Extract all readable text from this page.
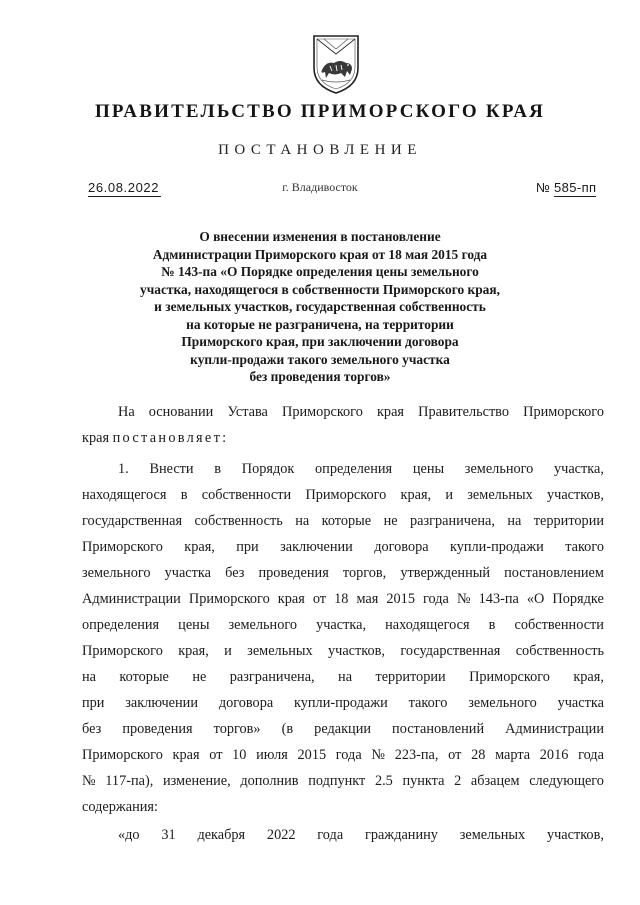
ПРАВИТЕЛЬСТВО ПРИМОРСКОГО КРАЯ
ПОСТАНОВЛЕНИЕ
26.08.2022	г. Владивосток	№ 585-пп
О внесении изменения в постановление
Администрации Приморского края от 18 мая 2015 года
№ 143-па «О Порядке определения цены земельного
участка, находящегося в собственности Приморского края,
и земельных участков, государственная собственность
на которые не разграничена, на территории
Приморского края, при заключении договора
купли-продажи такого земельного участка
без проведения торгов»
На основании Устава Приморского края Правительство Приморского
края постановляет:
1. Внести в Порядок определения цены земельного участка,
находящегося в собственности Приморского края, и земельных участков,
государственная собственность на которые не разграничена, на территории
Приморского края, при заключении договора купли-продажи такого
земельного участка без проведения торгов, утвержденный постановлением
Администрации Приморского края от 18 мая 2015 года № 143-па «О Порядке
определения цены земельного участка, находящегося в собственности
Приморского края, и земельных участков, государственная собственность
на которые не разграничена, на территории Приморского края,
при заключении договора купли-продажи такого земельного участка
без проведения торгов» (в редакции постановлений Администрации
Приморского края от 10 июля 2015 года № 223-па, от 28 марта 2016 года
№ 117-па), изменение, дополнив подпункт 2.5 пункта 2 абзацем следующего
содержания:
«до 31 декабря 2022 года гражданину земельных участков,
